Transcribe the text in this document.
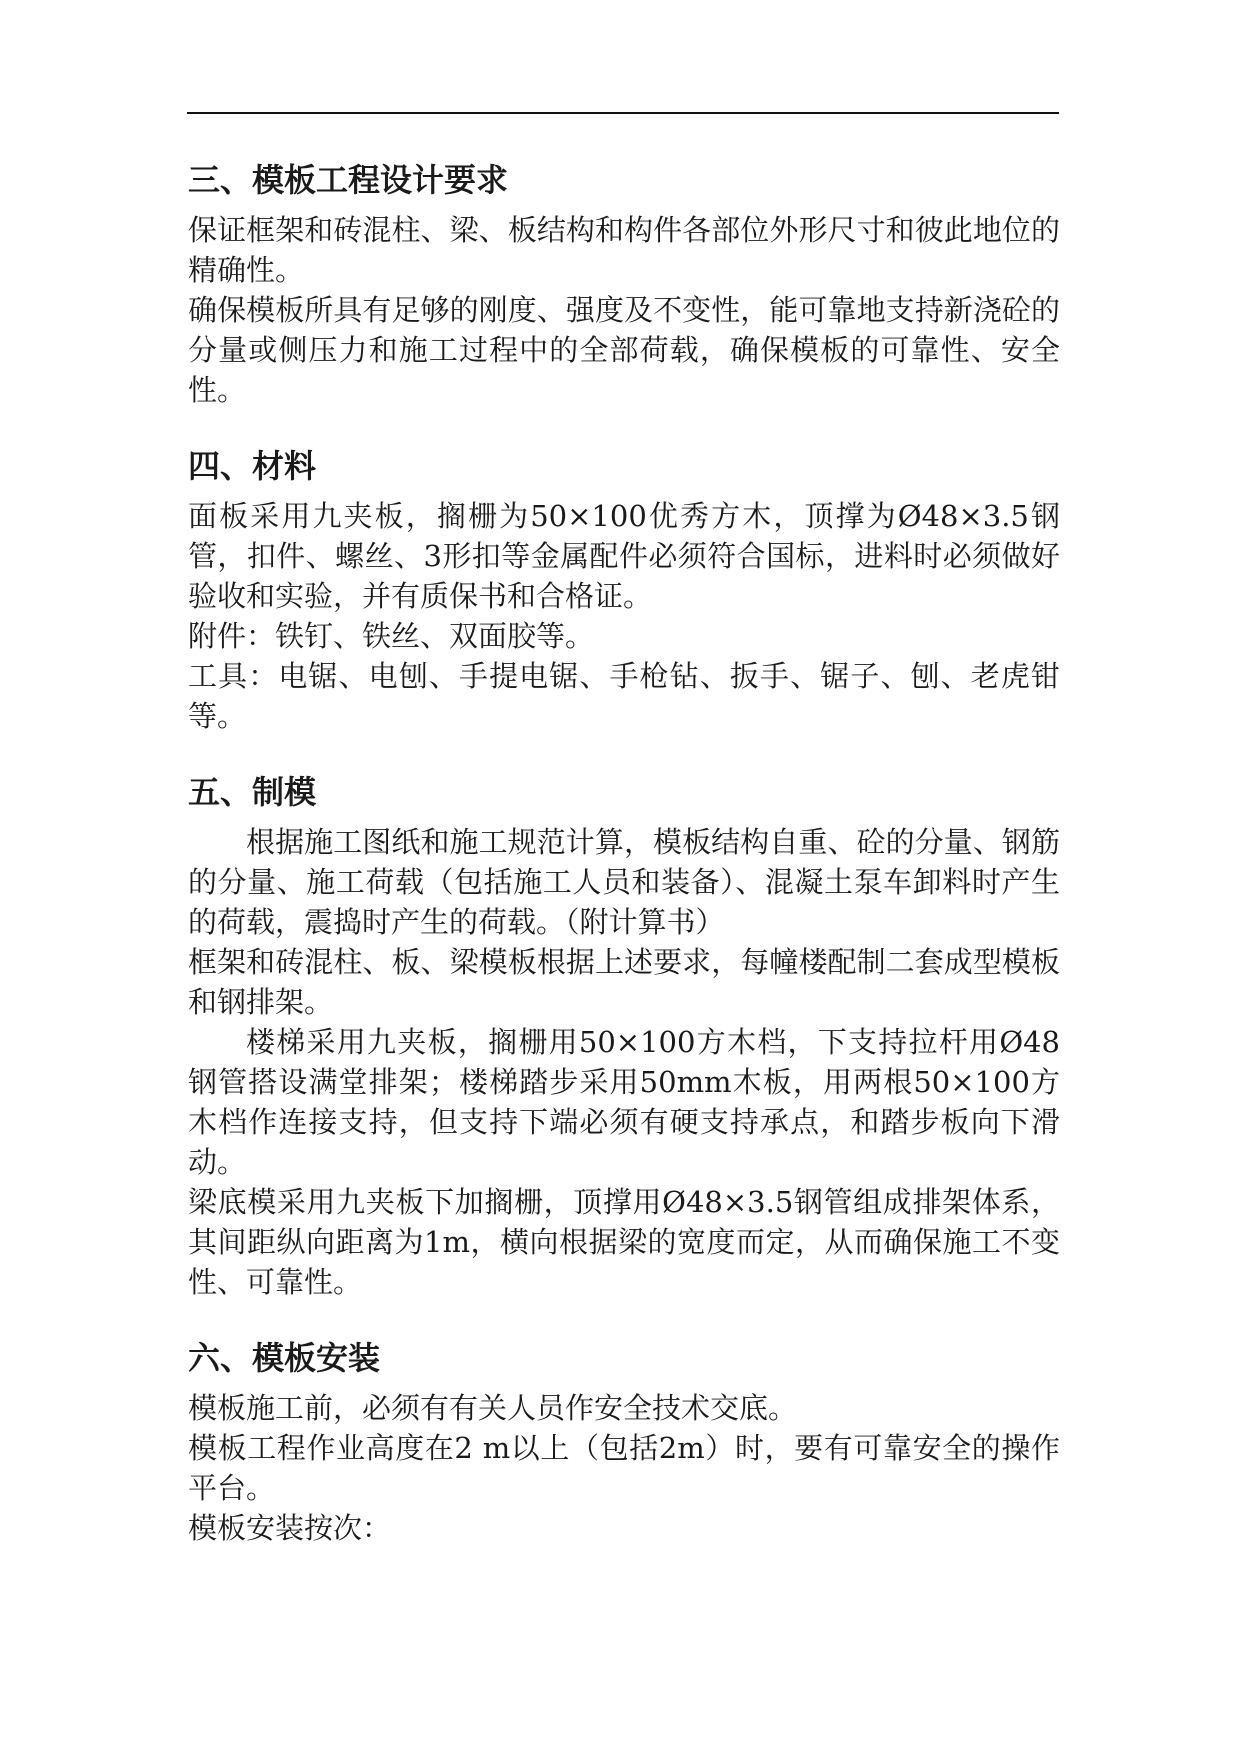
三、模板工程设计要求

保证框架和砖混柱、梁、板结构和构件各部位外形尺寸和彼此地位的精确性。

确保模板所具有足够的刚度、强度及不变性，能可靠地支持新浇砼的分量或侧压力和施工过程中的全部荷载，确保模板的可靠性、安全性。

四、材料

面板采用九夹板，搁栅为50×100优秀方木，顶撑为Ø48×3.5钢管，扣件、螺丝、3形扣等金属配件必须符合国标，进料时必须做好验收和实验，并有质保书和合格证。

附件：铁钉、铁丝、双面胶等。

工具：电锯、电刨、手提电锯、手枪钻、扳手、锯子、刨、老虎钳等。

五、制模

根据施工图纸和施工规范计算，模板结构自重、砼的分量、钢筋的分量、施工荷载（包括施工人员和装备）、混凝土泵车卸料时产生的荷载，震捣时产生的荷载。（附计算书）

框架和砖混柱、板、梁模板根据上述要求，每幢楼配制二套成型模板和钢排架。

楼梯采用九夹板，搁栅用50×100方木档，下支持拉杆用Ø48钢管搭设满堂排架；楼梯踏步采用50mm木板，用两根50×100方木档作连接支持，但支持下端必须有硬支持承点，和踏步板向下滑动。

梁底模采用九夹板下加搁栅，顶撑用Ø48×3.5钢管组成排架体系，其间距纵向距离为1m，横向根据梁的宽度而定，从而确保施工不变性、可靠性。

六、模板安装

模板施工前，必须有有关人员作安全技术交底。

模板工程作业高度在2 m以上（包括2m）时，要有可靠安全的操作平台。

模板安装按次：
